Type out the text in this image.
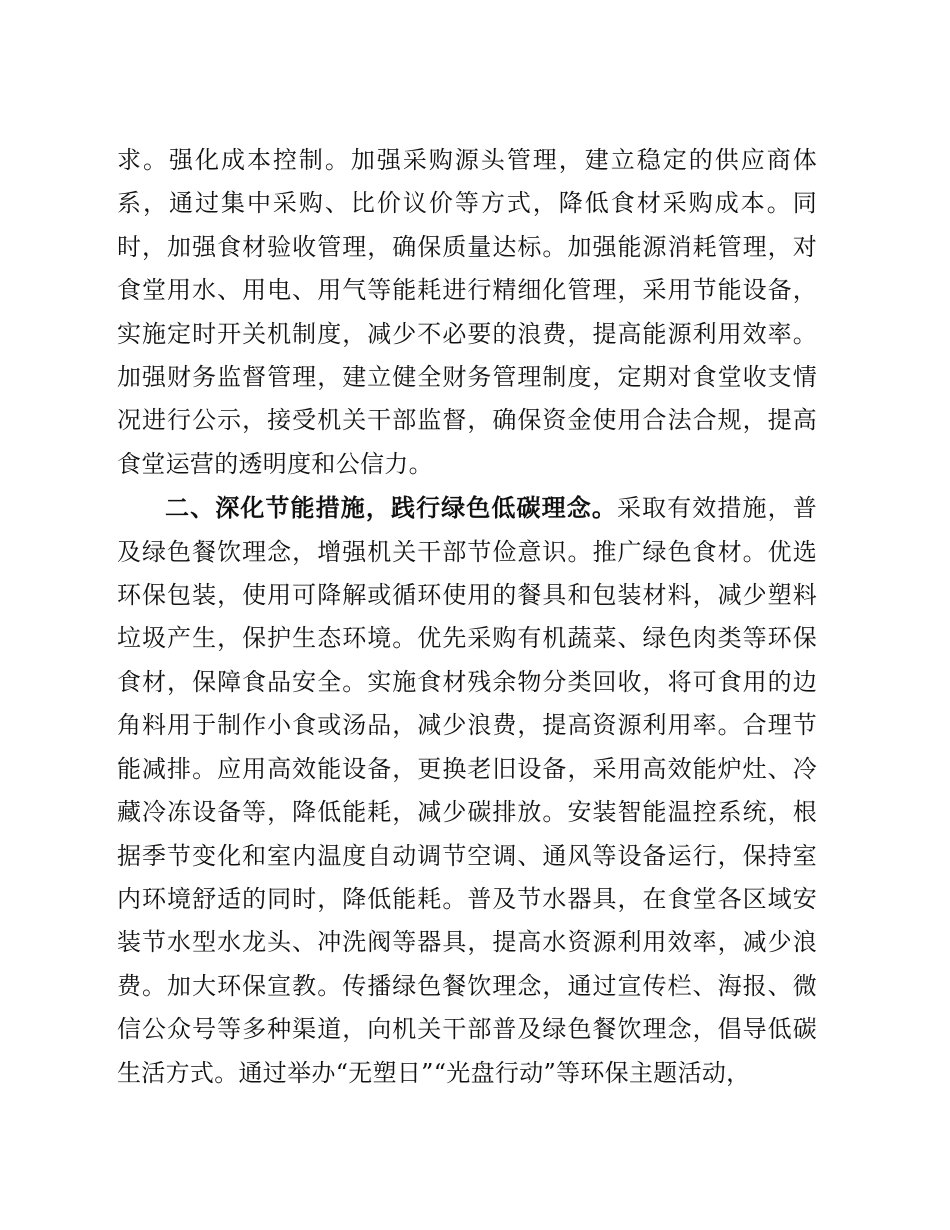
求。强化成本控制。加强采购源头管理，建立稳定的供应商体系，通过集中采购、比价议价等方式，降低食材采购成本。同时，加强食材验收管理，确保质量达标。加强能源消耗管理，对食堂用水、用电、用气等能耗进行精细化管理，采用节能设备，实施定时开关机制度，减少不必要的浪费，提高能源利用效率。加强财务监督管理，建立健全财务管理制度，定期对食堂收支情况进行公示，接受机关干部监督，确保资金使用合法合规，提高食堂运营的透明度和公信力。

二、深化节能措施，践行绿色低碳理念。采取有效措施，普及绿色餐饮理念，增强机关干部节俭意识。推广绿色食材。优选环保包装，使用可降解或循环使用的餐具和包装材料，减少塑料垃圾产生，保护生态环境。优先采购有机蔬菜、绿色肉类等环保食材，保障食品安全。实施食材残余物分类回收，将可食用的边角料用于制作小食或汤品，减少浪费，提高资源利用率。合理节能减排。应用高效能设备，更换老旧设备，采用高效能炉灶、冷藏冷冻设备等，降低能耗，减少碳排放。安装智能温控系统，根据季节变化和室内温度自动调节空调、通风等设备运行，保持室内环境舒适的同时，降低能耗。普及节水器具，在食堂各区域安装节水型水龙头、冲洗阀等器具，提高水资源利用效率，减少浪费。加大环保宣教。传播绿色餐饮理念，通过宣传栏、海报、微信公众号等多种渠道，向机关干部普及绿色餐饮理念，倡导低碳生活方式。通过举办“无塑日”“光盘行动”等环保主题活动，
